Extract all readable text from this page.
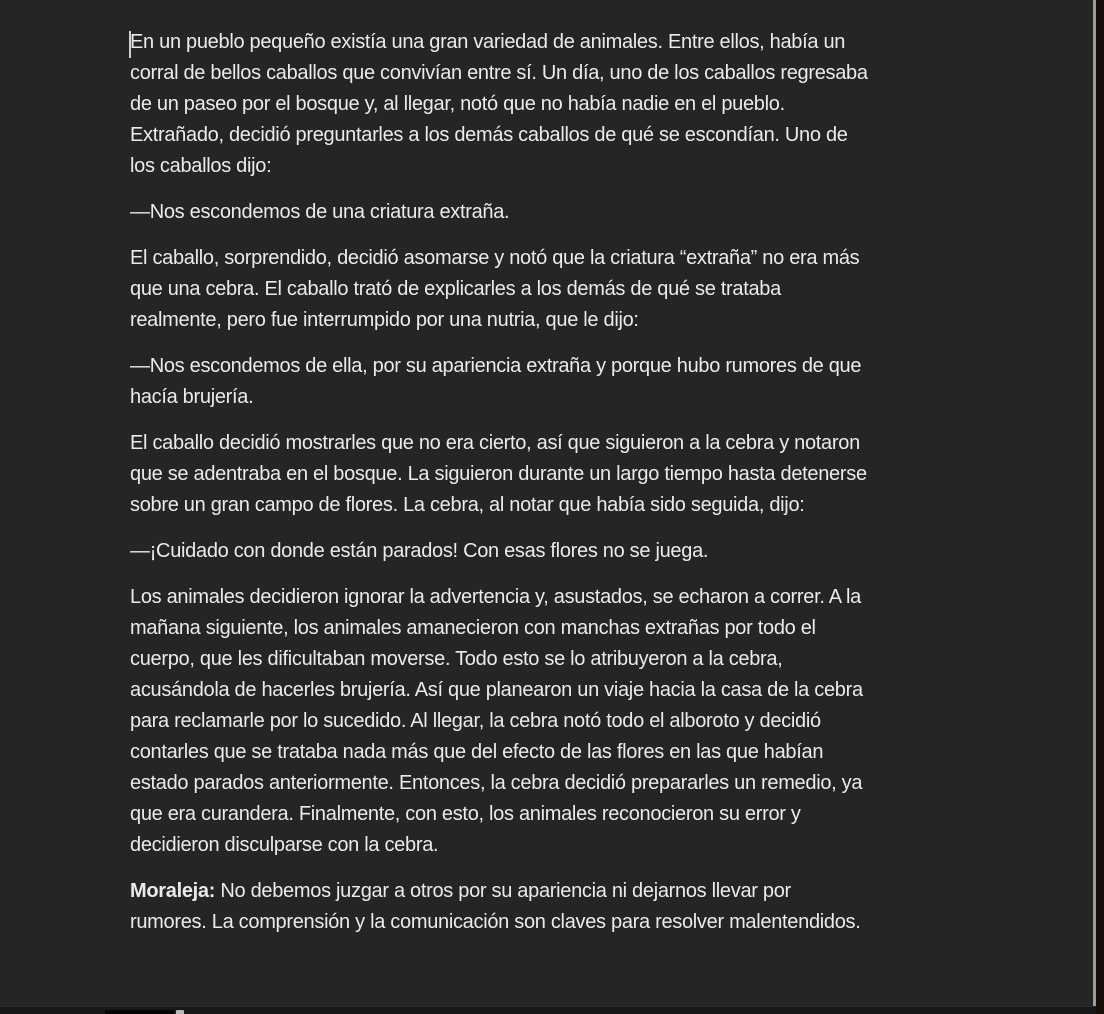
En un pueblo pequeño existía una gran variedad de animales. Entre ellos, había un
corral de bellos caballos que convivían entre sí. Un día, uno de los caballos regresaba
de un paseo por el bosque y, al llegar, notó que no había nadie en el pueblo.
Extrañado, decidió preguntarles a los demás caballos de qué se escondían. Uno de
los caballos dijo:
—Nos escondemos de una criatura extraña.
El caballo, sorprendido, decidió asomarse y notó que la criatura “extraña” no era más
que una cebra. El caballo trató de explicarles a los demás de qué se trataba
realmente, pero fue interrumpido por una nutria, que le dijo:
—Nos escondemos de ella, por su apariencia extraña y porque hubo rumores de que
hacía brujería.
El caballo decidió mostrarles que no era cierto, así que siguieron a la cebra y notaron
que se adentraba en el bosque. La siguieron durante un largo tiempo hasta detenerse
sobre un gran campo de flores. La cebra, al notar que había sido seguida, dijo:
—¡Cuidado con donde están parados! Con esas flores no se juega.
Los animales decidieron ignorar la advertencia y, asustados, se echaron a correr. A la
mañana siguiente, los animales amanecieron con manchas extrañas por todo el
cuerpo, que les dificultaban moverse. Todo esto se lo atribuyeron a la cebra,
acusándola de hacerles brujería. Así que planearon un viaje hacia la casa de la cebra
para reclamarle por lo sucedido. Al llegar, la cebra notó todo el alboroto y decidió
contarles que se trataba nada más que del efecto de las flores en las que habían
estado parados anteriormente. Entonces, la cebra decidió prepararles un remedio, ya
que era curandera. Finalmente, con esto, los animales reconocieron su error y
decidieron disculparse con la cebra.
Moraleja: No debemos juzgar a otros por su apariencia ni dejarnos llevar por
rumores. La comprensión y la comunicación son claves para resolver malentendidos.
